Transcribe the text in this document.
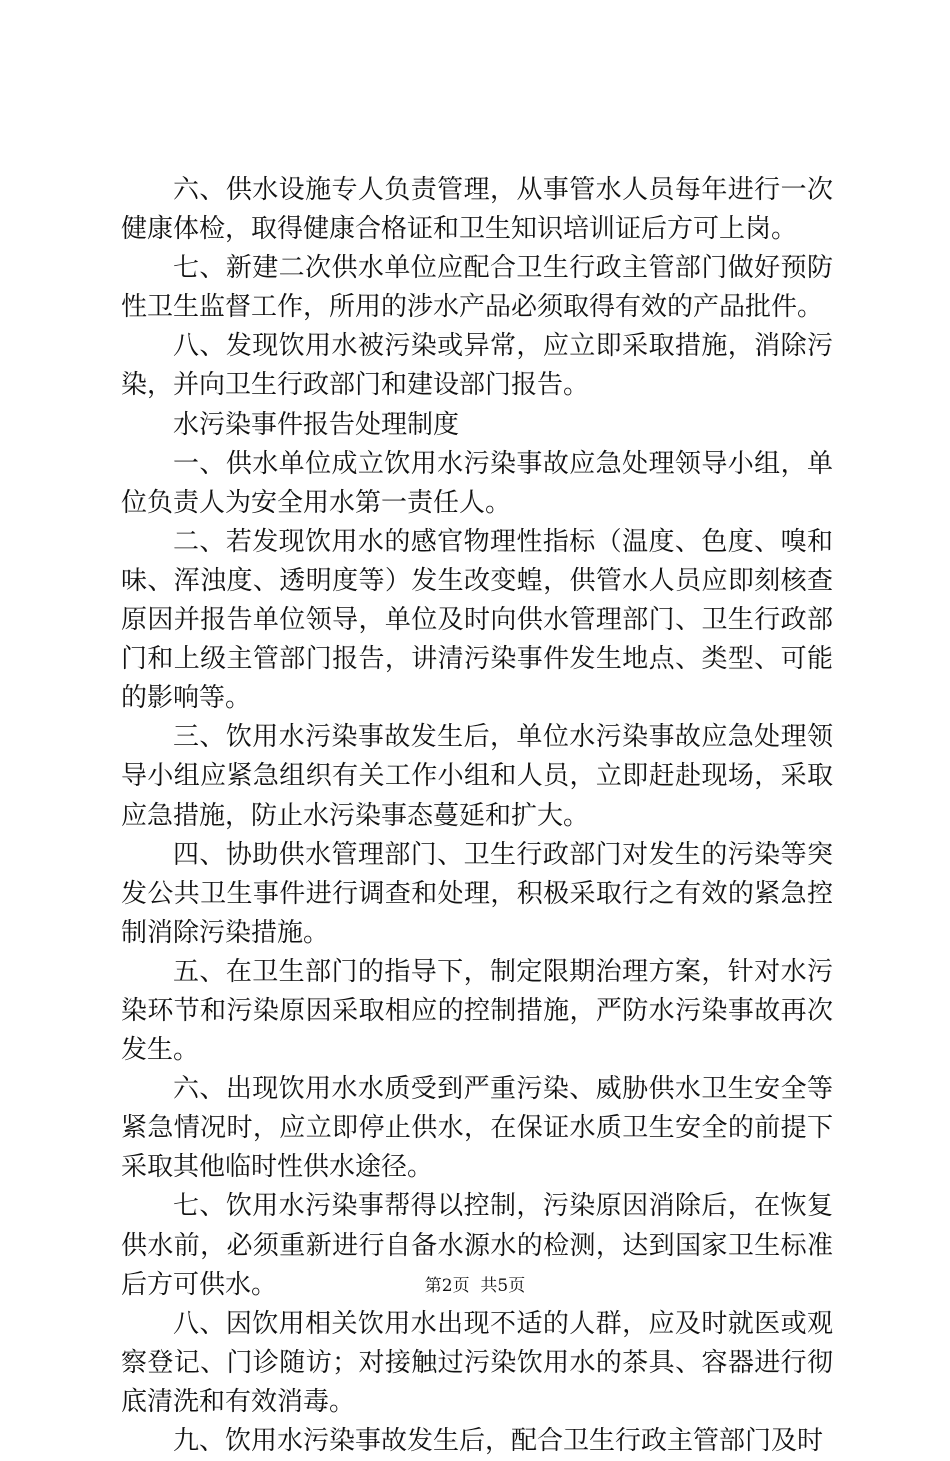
六、供水设施专人负责管理，从事管水人员每年进行一次健康体检，取得健康合格证和卫生知识培训证后方可上岗。

七、新建二次供水单位应配合卫生行政主管部门做好预防性卫生监督工作，所用的涉水产品必须取得有效的产品批件。

八、发现饮用水被污染或异常，应立即采取措施，消除污染，并向卫生行政部门和建设部门报告。

水污染事件报告处理制度

一、供水单位成立饮用水污染事故应急处理领导小组，单位负责人为安全用水第一责任人。

二、若发现饮用水的感官物理性指标（温度、色度、嗅和味、浑浊度、透明度等）发生改变蝗，供管水人员应即刻核查原因并报告单位领导，单位及时向供水管理部门、卫生行政部门和上级主管部门报告，讲清污染事件发生地点、类型、可能的影响等。

三、饮用水污染事故发生后，单位水污染事故应急处理领导小组应紧急组织有关工作小组和人员，立即赶赴现场，采取应急措施，防止水污染事态蔓延和扩大。

四、协助供水管理部门、卫生行政部门对发生的污染等突发公共卫生事件进行调查和处理，积极采取行之有效的紧急控制消除污染措施。

五、在卫生部门的指导下，制定限期治理方案，针对水污染环节和污染原因采取相应的控制措施，严防水污染事故再次发生。

六、出现饮用水水质受到严重污染、威胁供水卫生安全等紧急情况时，应立即停止供水，在保证水质卫生安全的前提下采取其他临时性供水途径。

七、饮用水污染事帮得以控制，污染原因消除后，在恢复供水前，必须重新进行自备水源水的检测，达到国家卫生标准后方可供水。

八、因饮用相关饮用水出现不适的人群，应及时就医或观察登记、门诊随访；对接触过污染饮用水的茶具、容器进行彻底清洗和有效消毒。

九、饮用水污染事故发生后，配合卫生行政主管部门及时

第2页  共5页
